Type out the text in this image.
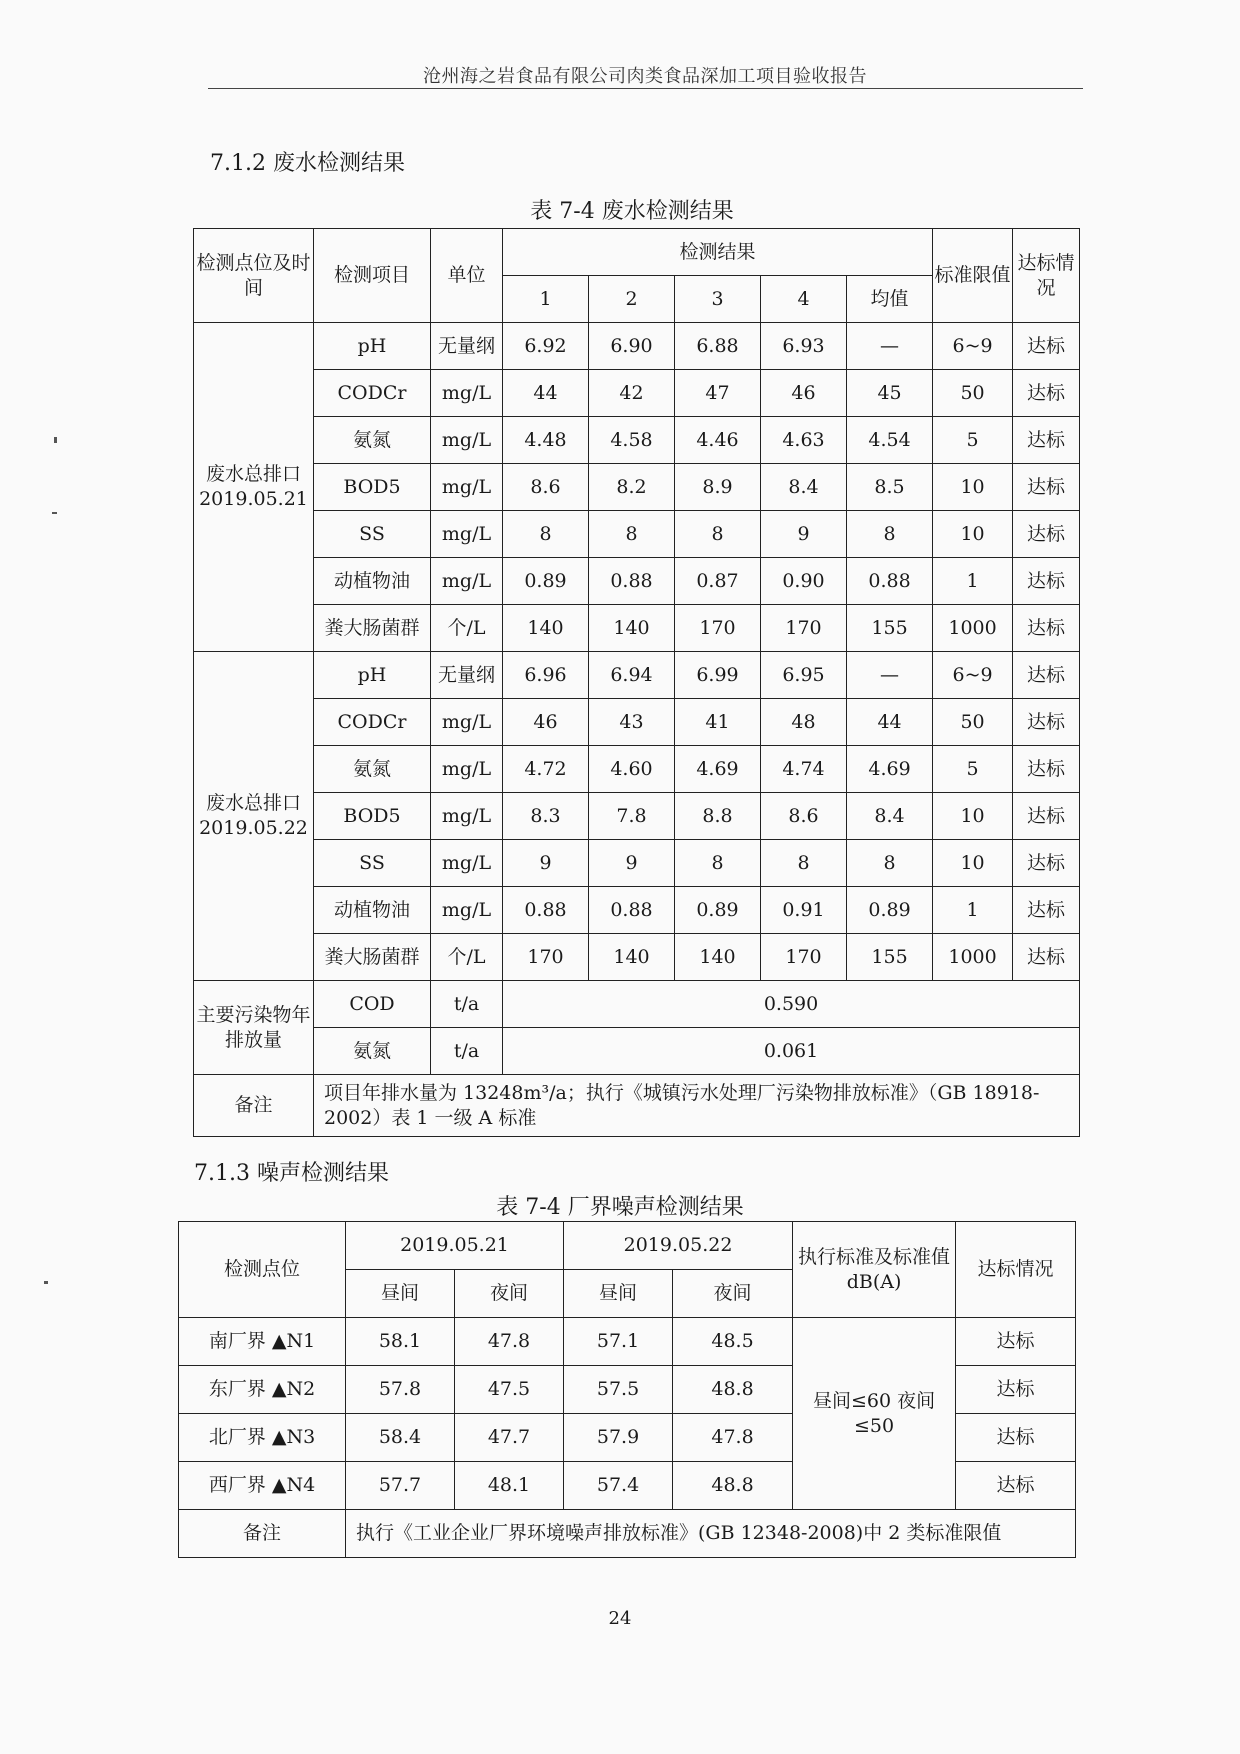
沧州海之岩食品有限公司肉类食品深加工项目验收报告
7.1.2 废水检测结果
表 7-4 废水检测结果
检测点位及时间	检测项目	单位	检测结果					标准限值	达标情况
			1	2	3	4	均值		
废水总排口2019.05.21	pH	无量纲	6.92	6.90	6.88	6.93	—	6~9	达标
	CODCr	mg/L	44	42	47	46	45	50	达标
	氨氮	mg/L	4.48	4.58	4.46	4.63	4.54	5	达标
	BOD5	mg/L	8.6	8.2	8.9	8.4	8.5	10	达标
	SS	mg/L	8	8	8	9	8	10	达标
	动植物油	mg/L	0.89	0.88	0.87	0.90	0.88	1	达标
	粪大肠菌群	个/L	140	140	170	170	155	1000	达标
废水总排口2019.05.22	pH	无量纲	6.96	6.94	6.99	6.95	—	6~9	达标
	CODCr	mg/L	46	43	41	48	44	50	达标
	氨氮	mg/L	4.72	4.60	4.69	4.74	4.69	5	达标
	BOD5	mg/L	8.3	7.8	8.8	8.6	8.4	10	达标
	SS	mg/L	9	9	8	8	8	10	达标
	动植物油	mg/L	0.88	0.88	0.89	0.91	0.89	1	达标
	粪大肠菌群	个/L	170	140	140	170	155	1000	达标
主要污染物年排放量	COD	t/a	0.590						
	氨氮	t/a	0.061						
备注	项目年排水量为 13248m³/a；执行《城镇污水处理厂污染物排放标准》（GB 18918-2002）表 1 一级 A 标准								
7.1.3 噪声检测结果
表 7-4 厂界噪声检测结果
检测点位	2019.05.21		2019.05.22		执行标准及标准值dB(A)	达标情况
	昼间	夜间	昼间	夜间		
南厂界 ▲N1	58.1	47.8	57.1	48.5	昼间≤60 夜间≤50	达标
东厂界 ▲N2	57.8	47.5	57.5	48.8		达标
北厂界 ▲N3	58.4	47.7	57.9	47.8		达标
西厂界 ▲N4	57.7	48.1	57.4	48.8		达标
备注	执行《工业企业厂界环境噪声排放标准》(GB 12348-2008)中 2 类标准限值					
24
